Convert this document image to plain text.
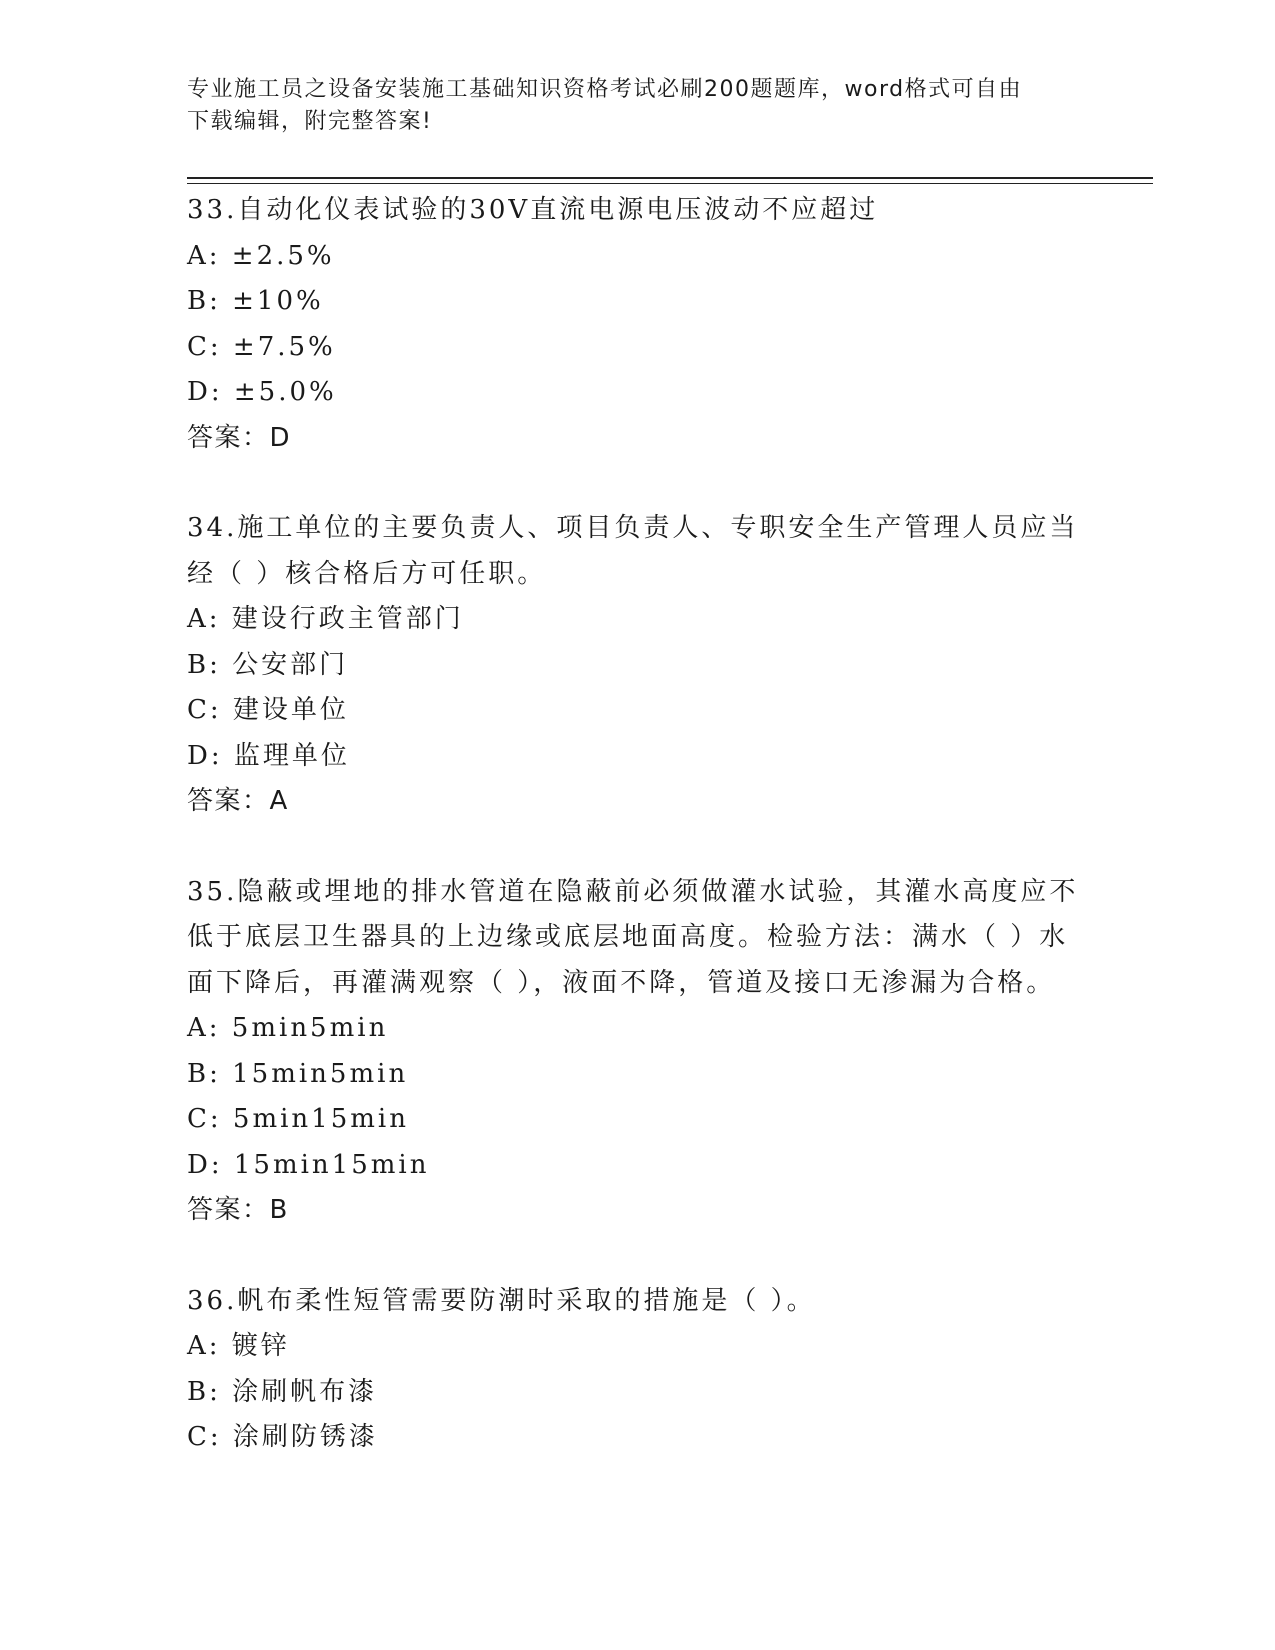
专业施工员之设备安装施工基础知识资格考试必刷200题题库，word格式可自由
下载编辑，附完整答案!
33.自动化仪表试验的30V直流电源电压波动不应超过
A: ±2.5%
B: ±10%
C: ±7.5%
D: ±5.0%
答案：D
34.施工单位的主要负责人、项目负责人、专职安全生产管理人员应当
经（ ）核合格后方可任职。
A: 建设行政主管部门
B: 公安部门
C: 建设单位
D: 监理单位
答案：A
35.隐蔽或埋地的排水管道在隐蔽前必须做灌水试验，其灌水高度应不
低于底层卫生器具的上边缘或底层地面高度。检验方法：满水（ ）水
面下降后，再灌满观察（ ），液面不降，管道及接口无渗漏为合格。
A: 5min5min
B: 15min5min
C: 5min15min
D: 15min15min
答案：B
36.帆布柔性短管需要防潮时采取的措施是（ ）。
A: 镀锌
B: 涂刷帆布漆
C: 涂刷防锈漆
